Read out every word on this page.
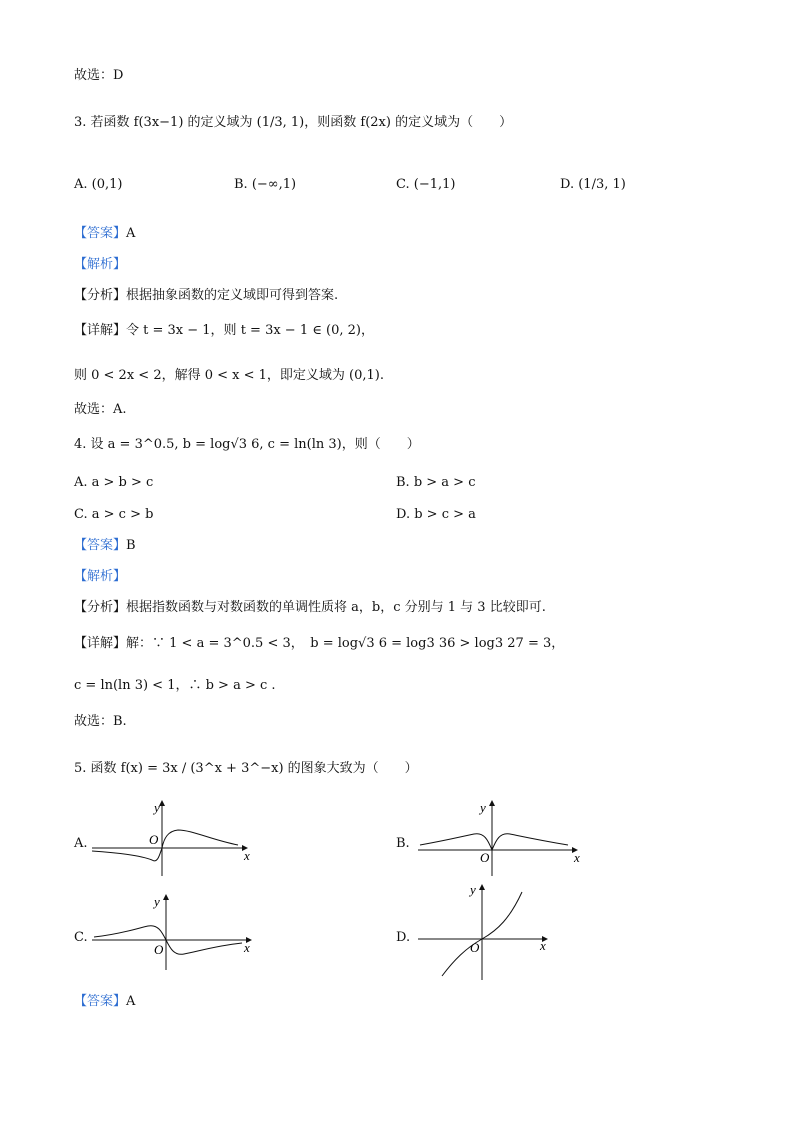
故选：D
3. 若函数 f(3x−1) 的定义域为 (1/3, 1)，则函数 f(2x) 的定义域为（　　）
A. (0,1)	B. (−∞,1)	C. (−1,1)	D. (1/3, 1)
【答案】A
【解析】
【分析】根据抽象函数的定义域即可得到答案.
【详解】令 t = 3x − 1，则 t = 3x − 1 ∈ (0, 2)，
则 0 < 2x < 2，解得 0 < x < 1，即定义域为 (0,1).
故选：A.
4. 设 a = 3^0.5, b = log√3 6, c = ln(ln 3)，则（　　）
A. a > b > c	B. b > a > c
C. a > c > b	D. b > c > a
【答案】B
【解析】
【分析】根据指数函数与对数函数的单调性质将 a，b，c 分别与 1 与 3 比较即可.
【详解】解：∵ 1 < a = 3^0.5 < 3，　b = log√3 6 = log3 36 > log3 27 = 3，
c = ln(ln 3) < 1，∴ b > a > c .
故选：B.
5. 函数 f(x) = 3x / (3^x + 3^−x) 的图象大致为（　　）
A.
y
x
O	B.
y
x
O
C.
y
x
O
D.
y
x
O
【答案】A
